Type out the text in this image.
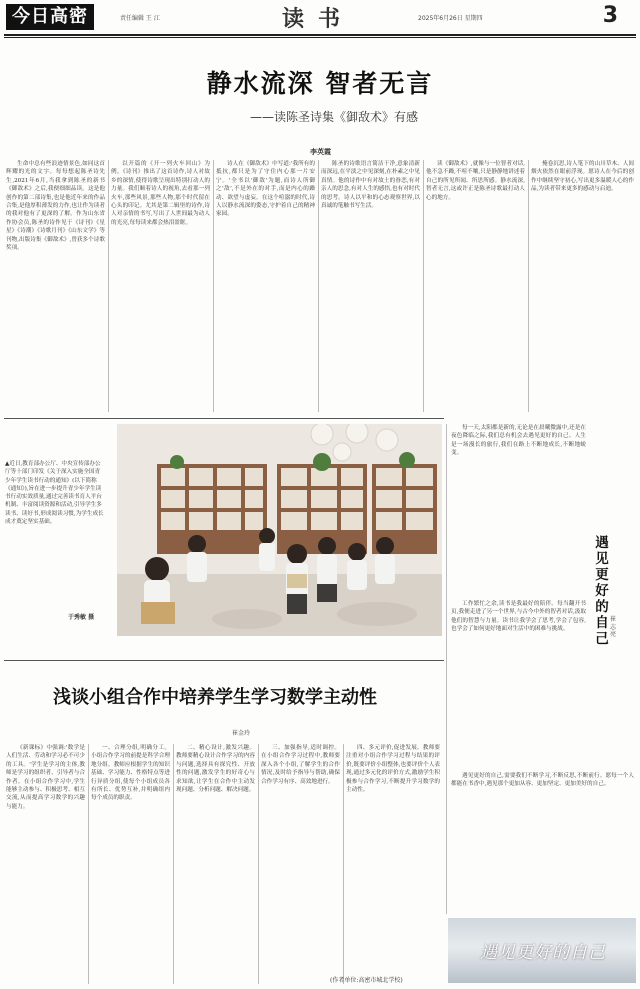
今日高密	责任编辑 王 江	读书	2025年6月26日 星期四	3
静水流深 智者无言
——读陈圣诗集《御敌术》有感
李英霞
生命中总有些浪迹情景色,如同这首辉耀的光的文字。每每想起陈圣诗先生,2021年6月,当我拿到陈圣的新书《御敌术》之后,我便细细品读。这是他创作的第二部诗集,也是他近年来的作品合集,是他厚积薄发的力作,也让作为读者的我对他有了更深的了解。作为山东省作协会员,陈圣的诗作见于《诗刊》《星星》《诗潮》《诗歌月刊》《山东文学》等刊物,出版诗集《御敌术》,曾获多个诗歌奖项。
以开篇的《开一列火车回山》为例。《诗刊》推出了这首诗作,诗人对故乡的深情,使得诗歌呈现出特别打动人的力量。我们顺着诗人的视角,去看那一列火车,那些风景,那些人物,那个时代留在心头的印记。尤其是第二辑里的诗作,诗人对亲情的书写,写出了人世间最为动人的光亮,每每读来都会热泪盈眶。
诗人在《御敌术》中写道:'我所有的抵抗,都只是为了守住内心那一片安宁。'全书以'御敌'为题,而诗人所御之'敌',不是外在的对手,而是内心的躁动、欲望与虚妄。在这个喧嚣的时代,诗人以静水流深的姿态,守护着自己的精神家园。
陈圣的诗歌语言简洁干净,意象清新而深远,在平淡之中见深刻,在朴素之中见真情。他的诗作中有对故土的眷恋,有对亲人的思念,有对人生的感悟,也有对时代的思考。诗人以平和的心态观察世界,以真诚的笔触书写生活。
读《御敌术》,就像与一位智者对话,他不急不躁,不喧不嚷,只是静静地讲述着自己的所见所闻、所思所感。静水流深,智者无言,这或许正是陈圣诗歌最打动人心的地方。
掩卷沉思,诗人笔下的山川草木、人间烟火依然在眼前浮现。愿诗人在今后的创作中继续坚守初心,写出更多温暖人心的作品,为读者带来更多的感动与启迪。
▲近日,教育部办公厅、中央宣传部办公厅等十部门印发《关于深入实施全国青少年学生读书行动的通知》(以下简称《通知》),旨在进一步提升青少年学生读书行动实效质量,通过完善读书育人平台机制、丰富阅读资源和活动,引导学生多读书、读好书,形成阅读习惯,为学生成长成才奠定坚实基础。
于秀敏 摄
每一天,太阳都是新的,无论是在晨曦微露中,还是在夜色降临之际,我们总有机会去遇见更好的自己。人生是一场漫长的旅行,我们在路上不断地成长,不断地蜕变。
工作繁忙之余,读书是我最好的陪伴。每当翻开书页,我便走进了另一个世界,与古今中外的智者对话,汲取他们的智慧与力量。读书让我学会了思考,学会了包容,也学会了如何更好地面对生活中的困难与挑战。
遇见更好的自己,需要我们不断学习,不断反思,不断前行。愿每一个人都能在书香中,遇见那个更加从容、更加坚定、更加美好的自己。
遇见更好的自己
崔志亮
浅谈小组合作中培养学生学习数学主动性
崔金玲
《新课标》中强调:'数学是人们生活、劳动和学习必不可少的工具。'学生是学习的主体,教师是学习的组织者、引导者与合作者。在小组合作学习中,学生能够主动参与、积极思考、相互交流,从而提高学习数学的兴趣与能力。
一、合理分组,明确分工。小组合作学习的前提是科学合理地分组。教师应根据学生的知识基础、学习能力、性格特点等进行异质分组,使每个小组成员各有所长、优势互补,并明确组内每个成员的职责。
二、精心设计,激发兴趣。教师要精心设计合作学习的内容与问题,选择具有探究性、开放性的问题,激发学生的好奇心与求知欲,让学生在合作中主动发现问题、分析问题、解决问题。
三、加强指导,适时调控。在小组合作学习过程中,教师要深入各个小组,了解学生的合作情况,及时给予指导与帮助,确保合作学习有序、高效地进行。
四、多元评价,促进发展。教师要注重对小组合作学习过程与结果的评价,既要评价小组整体,也要评价个人表现,通过多元化的评价方式,激励学生积极参与合作学习,不断提升学习数学的主动性。
(作者单位:高密市城北学校)
遇见更好的自己
